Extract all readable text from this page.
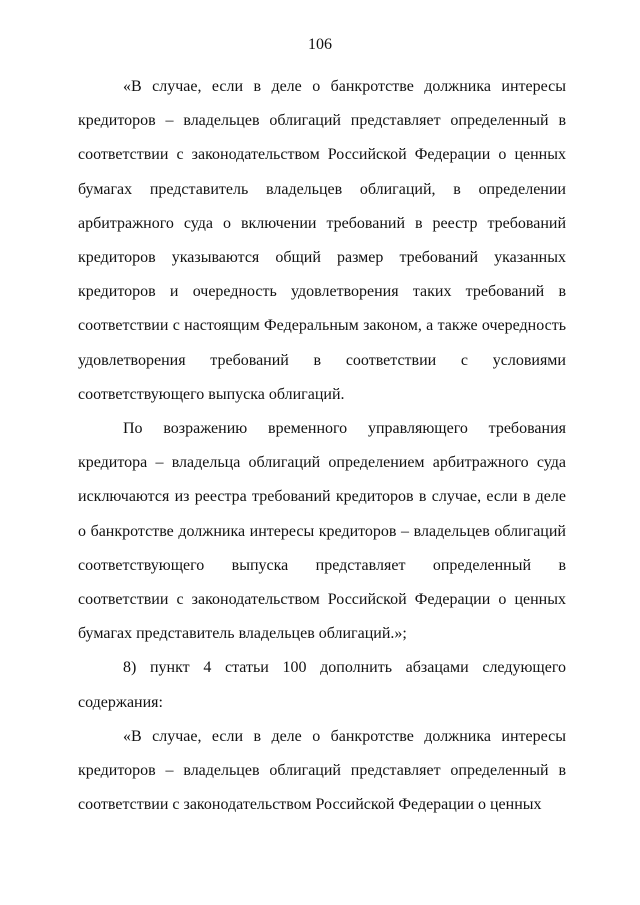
106

«В случае, если в деле о банкротстве должника интересы кредиторов – владельцев облигаций представляет определенный в соответствии с законодательством Российской Федерации о ценных бумагах представитель владельцев облигаций, в определении арбитражного суда о включении требований в реестр требований кредиторов указываются общий размер требований указанных кредиторов и очередность удовлетворения таких требований в соответствии с настоящим Федеральным законом, а также очередность удовлетворения требований в соответствии с условиями соответствующего выпуска облигаций.

По возражению временного управляющего требования кредитора – владельца облигаций определением арбитражного суда исключаются из реестра требований кредиторов в случае, если в деле о банкротстве должника интересы кредиторов – владельцев облигаций соответствующего выпуска представляет определенный в соответствии с законодательством Российской Федерации о ценных бумагах представитель владельцев облигаций.»;

8) пункт 4 статьи 100 дополнить абзацами следующего содержания:

«В случае, если в деле о банкротстве должника интересы кредиторов – владельцев облигаций представляет определенный в соответствии с законодательством Российской Федерации о ценных
